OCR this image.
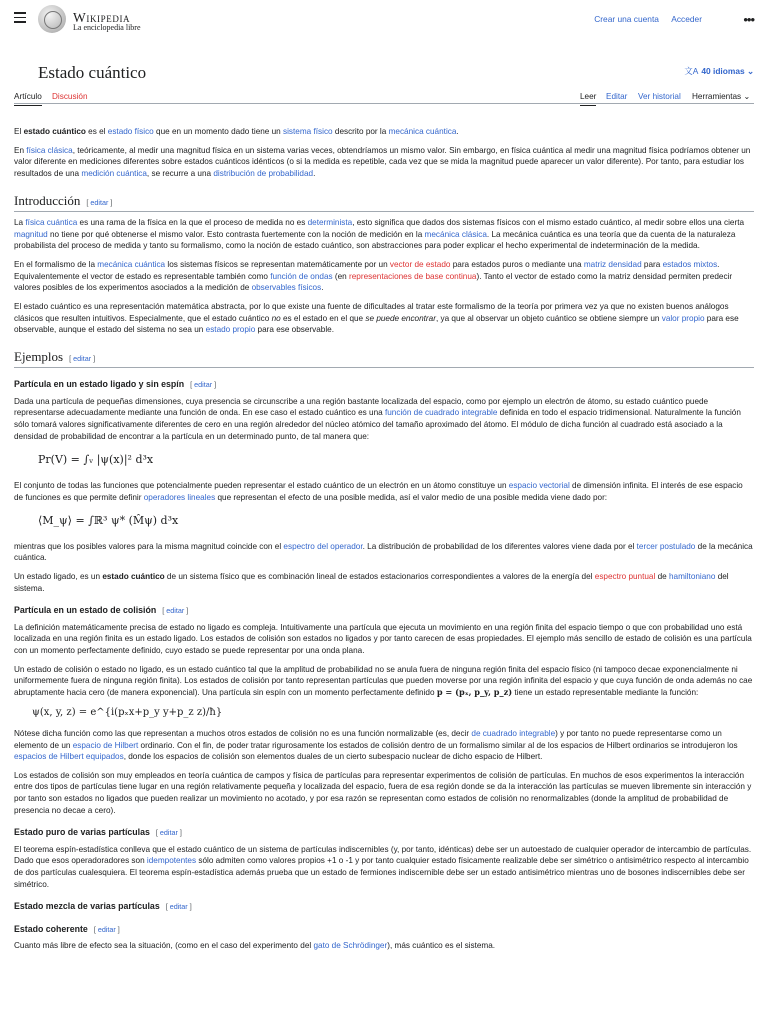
Wikipedia
La enciclopedia libre
Crear una cuenta Acceder	•••
Estado cuántico	文A 40 idiomas ⌄
Artículo Discusión	Leer Editar Ver historial Herramientas ⌄

El estado cuántico es el estado físico que en un momento dado tiene un sistema físico descrito por la mecánica cuántica.

En física clásica, teóricamente, al medir una magnitud física en un sistema varias veces, obtendríamos un mismo valor. Sin embargo, en física cuántica al medir una magnitud física podríamos obtener un valor diferente en mediciones diferentes sobre estados cuánticos idénticos (o si la medida es repetible, cada vez que se mida la magnitud puede aparecer un valor diferente). Por tanto, para estudiar los resultados de una medición cuántica, se recurre a una distribución de probabilidad.

Introducción [ editar ]

La física cuántica es una rama de la física en la que el proceso de medida no es determinista, esto significa que dados dos sistemas físicos con el mismo estado cuántico, al medir sobre ellos una cierta magnitud no tiene por qué obtenerse el mismo valor. Esto contrasta fuertemente con la noción de medición en la mecánica clásica. La mecánica cuántica es una teoría que da cuenta de la naturaleza probabilista del proceso de medida y tanto su formalismo, como la noción de estado cuántico, son abstracciones para poder explicar el hecho experimental de indeterminación de la medida.

En el formalismo de la mecánica cuántica los sistemas físicos se representan matemáticamente por un vector de estado para estados puros o mediante una matriz densidad para estados mixtos. Equivalentemente el vector de estado es representable también como función de ondas (en representaciones de base continua). Tanto el vector de estado como la matriz densidad permiten predecir valores posibles de los experimentos asociados a la medición de observables físicos.

El estado cuántico es una representación matemática abstracta, por lo que existe una fuente de dificultades al tratar este formalismo de la teoría por primera vez ya que no existen buenos análogos clásicos que resulten intuitivos. Especialmente, que el estado cuántico no es el estado en el que se puede encontrar, ya que al observar un objeto cuántico se obtiene siempre un valor propio para ese observable, aunque el estado del sistema no sea un estado propio para ese observable.

Ejemplos [ editar ]
Partícula en un estado ligado y sin espín [ editar ]

Dada una partícula de pequeñas dimensiones, cuya presencia se circunscribe a una región bastante localizada del espacio, como por ejemplo un electrón de átomo, su estado cuántico puede representarse adecuadamente mediante una función de onda. En ese caso el estado cuántico es una función de cuadrado integrable definida en todo el espacio tridimensional. Naturalmente la función sólo tomará valores significativamente diferentes de cero en una región alrededor del núcleo atómico del tamaño aproximado del átomo. El módulo de dicha función al cuadrado está asociado a la densidad de probabilidad de encontrar a la partícula en un determinado punto, de tal manera que:

Pr(V) = ∫ᵥ |ψ(x)|² d³x

El conjunto de todas las funciones que potencialmente pueden representar el estado cuántico de un electrón en un átomo constituye un espacio vectorial de dimensión infinita. El interés de ese espacio de funciones es que permite definir operadores lineales que representan el efecto de una posible medida, así el valor medio de una posible medida viene dado por:

⟨M_ψ⟩ = ∫ℝ³ ψ* (M̂ψ) d³x

mientras que los posibles valores para la misma magnitud coincide con el espectro del operador. La distribución de probabilidad de los diferentes valores viene dada por el tercer postulado de la mecánica cuántica.

Un estado ligado, es un estado cuántico de un sistema físico que es combinación lineal de estados estacionarios correspondientes a valores de la energía del espectro puntual de hamiltoniano del sistema.

Partícula en un estado de colisión [ editar ]

La definición matemáticamente precisa de estado no ligado es compleja. Intuitivamente una partícula que ejecuta un movimiento en una región finita del espacio tiempo o que con probabilidad uno está localizada en una región finita es un estado ligado. Los estados de colisión son estados no ligados y por tanto carecen de esas propiedades. El ejemplo más sencillo de estado de colisión es una partícula con un momento perfectamente definido, cuyo estado se puede representar por una onda plana.

Un estado de colisión o estado no ligado, es un estado cuántico tal que la amplitud de probabilidad no se anula fuera de ninguna región finita del espacio físico (ni tampoco decae exponencialmente ni uniformemente fuera de ninguna región finita). Los estados de colisión por tanto representan partículas que pueden moverse por una región infinita del espacio y que cuya función de onda además no cae abruptamente hacia cero (de manera exponencial). Una partícula sin espín con un momento perfectamente definido p = (pₓ, p_y, p_z) tiene un estado representable mediante la función:

ψ(x, y, z) = e^{i(pₓx+p_y y+p_z z)/ħ}

Nótese dicha función como las que representan a muchos otros estados de colisión no es una función normalizable (es, decir de cuadrado integrable) y por tanto no puede representarse como un elemento de un espacio de Hilbert ordinario. Con el fin, de poder tratar rigurosamente los estados de colisión dentro de un formalismo similar al de los espacios de Hilbert ordinarios se introdujeron los espacios de Hilbert equipados, donde los espacios de colisión son elementos duales de un cierto subespacio nuclear de dicho espacio de Hilbert.

Los estados de colisión son muy empleados en teoría cuántica de campos y física de partículas para representar experimentos de colisión de partículas. En muchos de esos experimentos la interacción entre dos tipos de partículas tiene lugar en una región relativamente pequeña y localizada del espacio, fuera de esa región donde se da la interacción las partículas se mueven libremente sin interacción y por tanto son estados no ligados que pueden realizar un movimiento no acotado, y por esa razón se representan como estados de colisión no renormalizables (donde la amplitud de probabilidad de presencia no decae a cero).

Estado puro de varias partículas [ editar ]

El teorema espín-estadística conlleva que el estado cuántico de un sistema de partículas indiscernibles (y, por tanto, idénticas) debe ser un autoestado de cualquier operador de intercambio de partículas. Dado que esos operadoradores son idempotentes sólo admiten como valores propios +1 o -1 y por tanto cualquier estado físicamente realizable debe ser simétrico o antisimétrico respecto al intercambio de dos partículas cualesquiera. El teorema espín-estadística además prueba que un estado de fermiones indiscernible debe ser un estado antisimétrico mientras uno de bosones indiscernibles debe ser simétrico.

Estado mezcla de varias partículas [ editar ]
Estado coherente [ editar ]

Cuanto más libre de efecto sea la situación, (como en el caso del experimento del gato de Schrödinger), más cuántico es el sistema.
